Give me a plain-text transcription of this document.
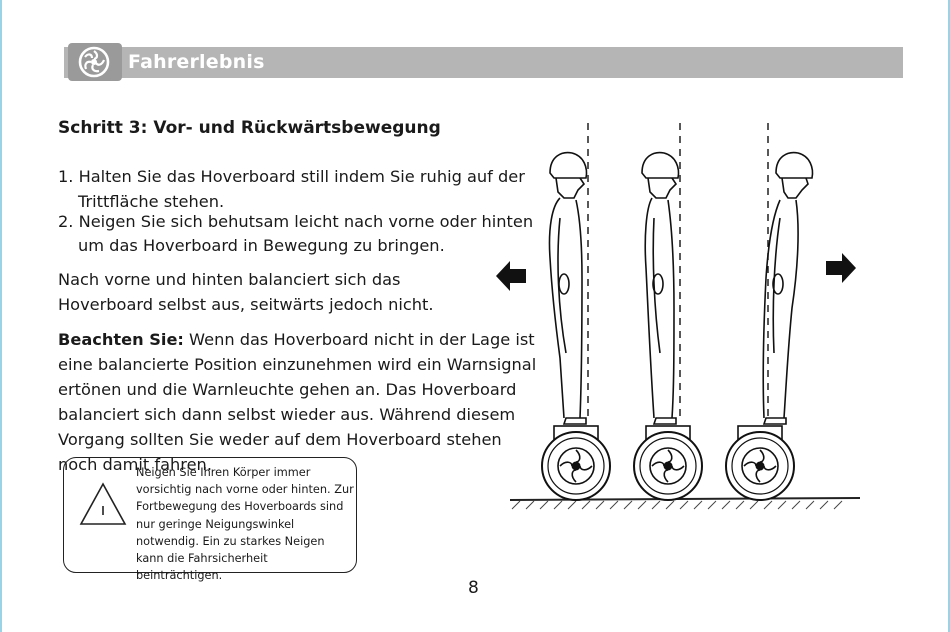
Fahrerlebnis
Schritt 3: Vor- und Rückwärtsbewegung
1. Halten Sie das Hoverboard still indem Sie ruhig auf der
Trittfläche stehen.
2. Neigen Sie sich behutsam leicht nach vorne oder hinten
um das Hoverboard in Bewegung zu bringen.
Nach vorne und hinten balanciert sich das Hoverboard selbst aus, seitwärts jedoch nicht.
Beachten Sie: Wenn das Hoverboard nicht in der Lage ist eine balancierte Position einzunehmen wird ein Warnsignal ertönen und die Warnleuchte gehen an. Das Hoverboard balanciert sich dann selbst wieder aus. Während diesem Vorgang sollten Sie weder auf dem Hoverboard stehen noch damit fahren.
Neigen Sie Ihren Körper immer vorsichtig nach vorne oder hinten. Zur Fortbewegung des Hoverboards sind nur geringe Neigungswinkel notwendig. Ein zu starkes Neigen kann die Fahrsicherheit beinträchtigen.
8
